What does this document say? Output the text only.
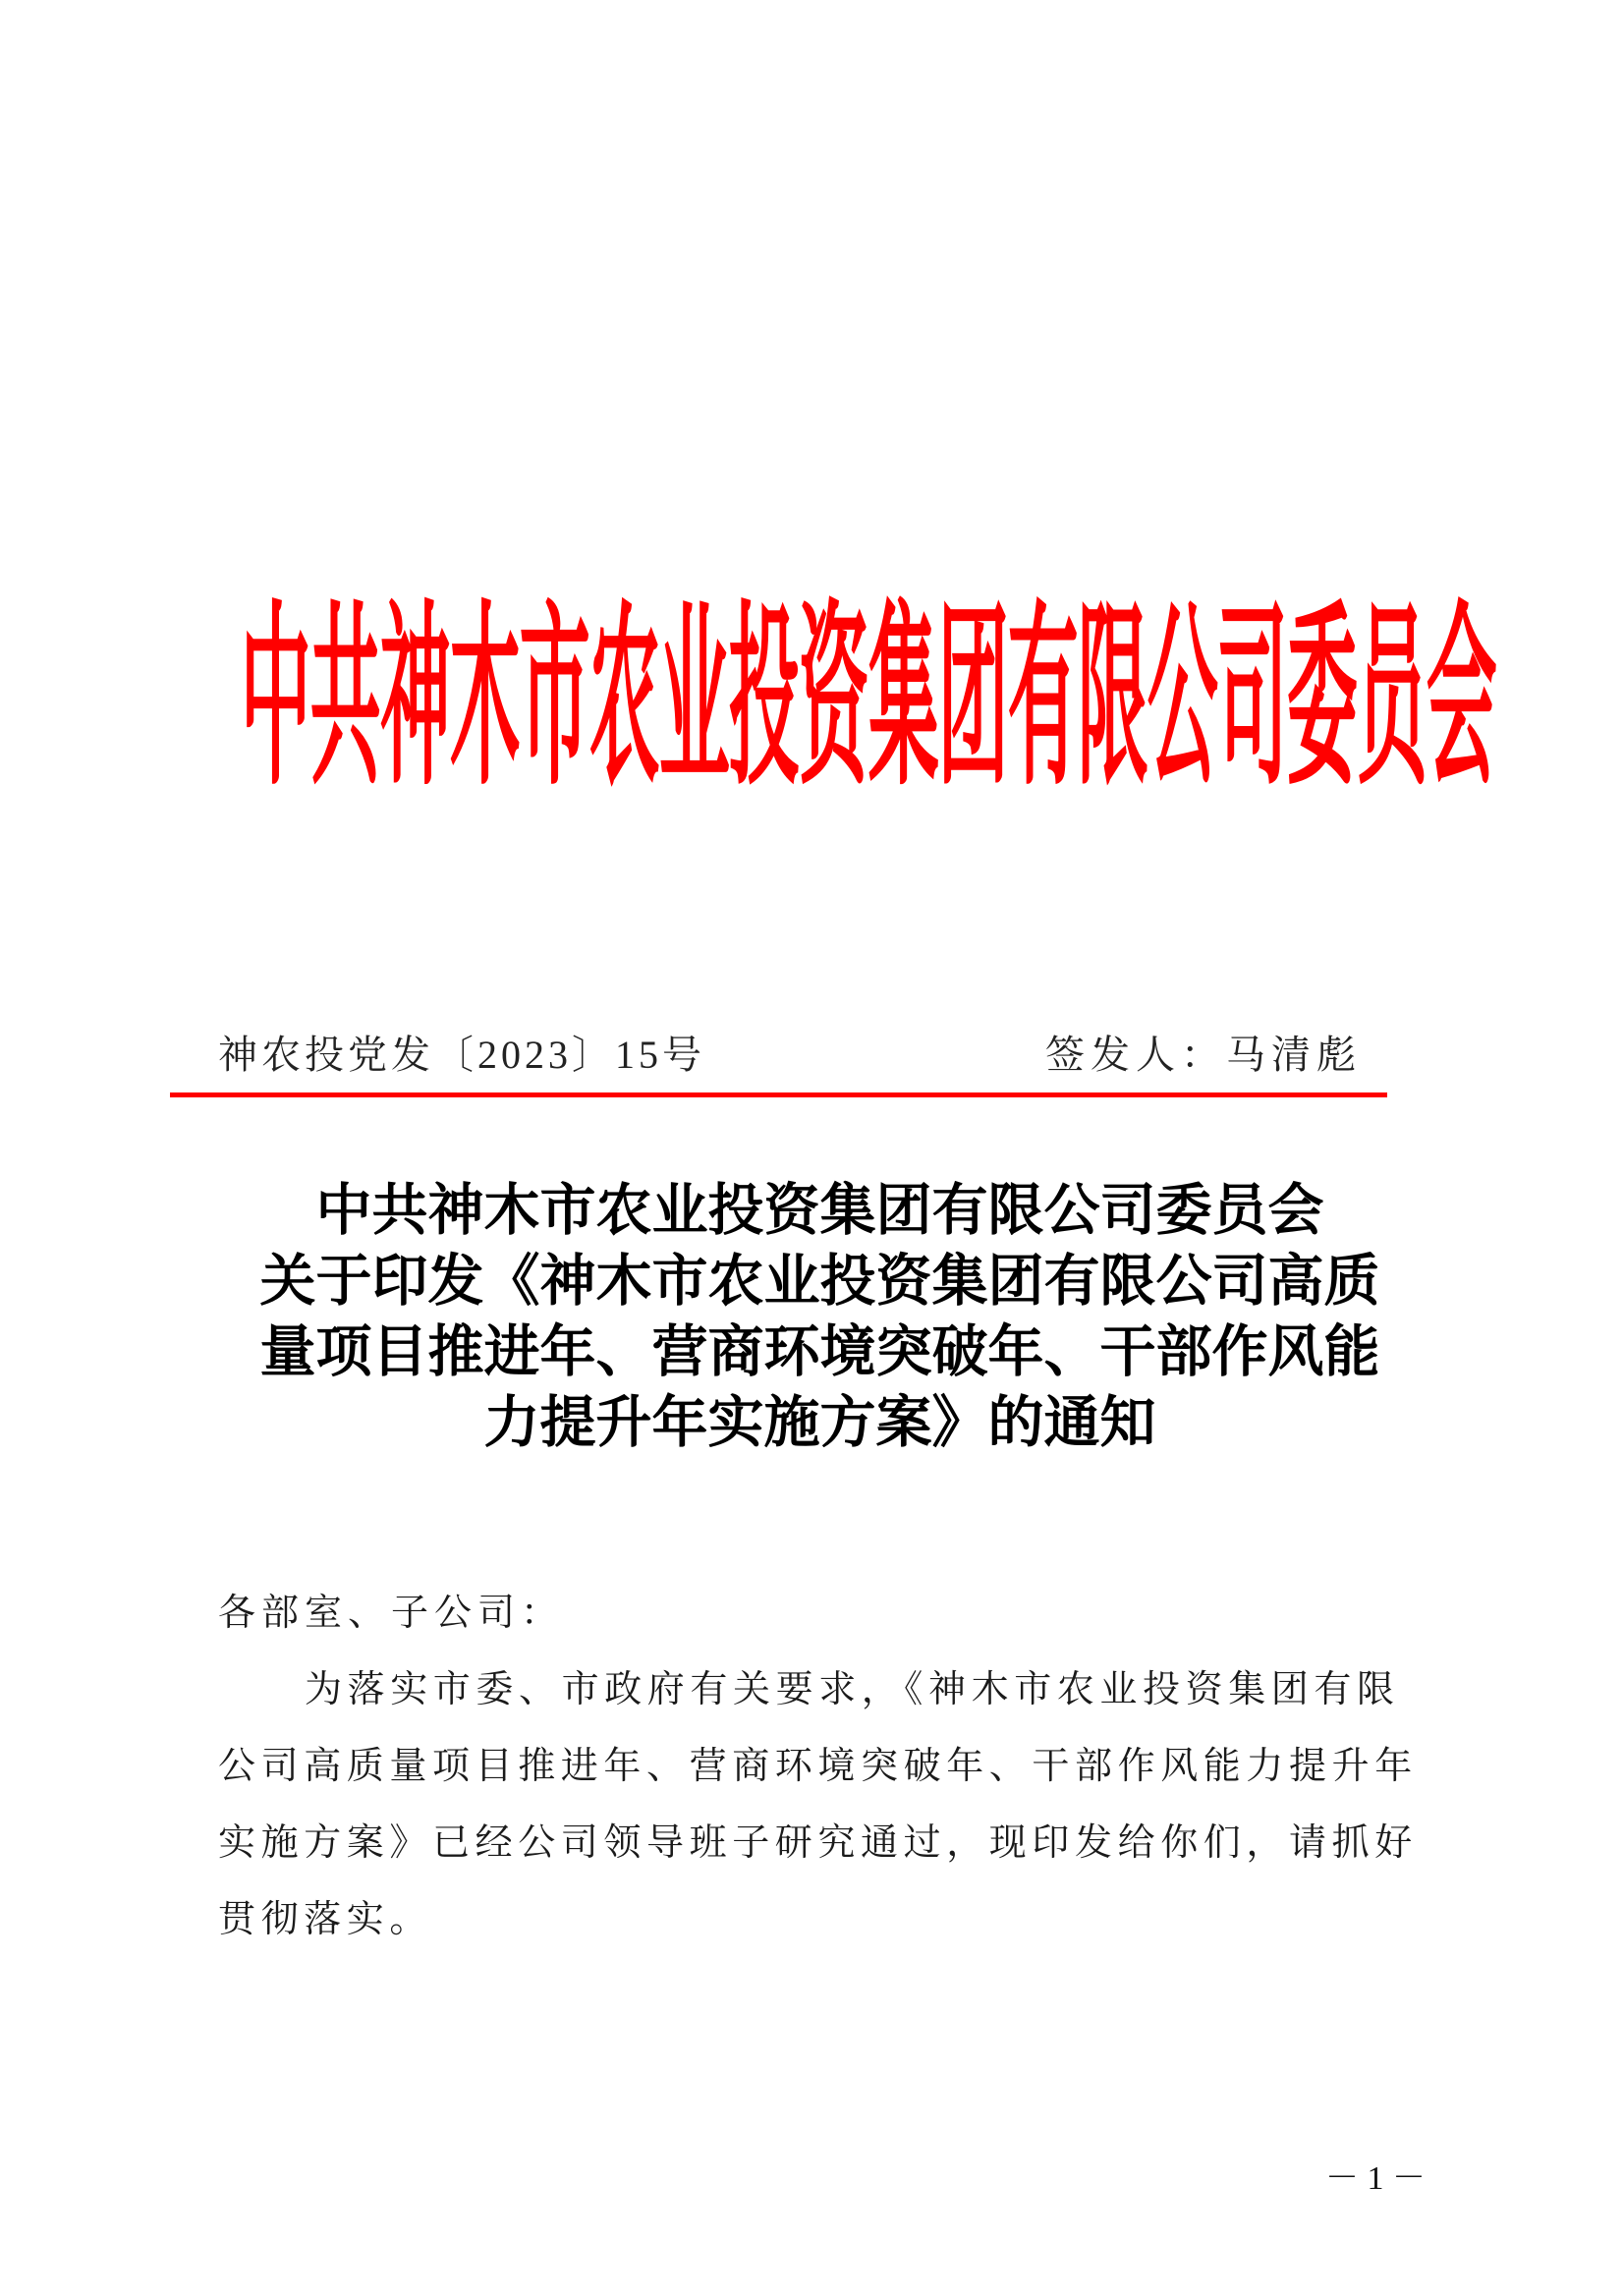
中
共
神
木
市
农
业
投
资
集
团
有
限
公
司
委
员
会
神农投党发〔2023〕15号	签发人：马清彪
中共神木市农业投资集团有限公司委员会
关于印发《神木市农业投资集团有限公司高质
量项目推进年、营商环境突破年、干部作风能
力提升年实施方案》的通知
各部室、子公司：
为落实市委、市政府有关要求，《神木市农业投资集团有限
公司高质量项目推进年、营商环境突破年、干部作风能力提升年
实施方案》已经公司领导班子研究通过，现印发给你们，请抓好
贯彻落实。
－ 1 －
